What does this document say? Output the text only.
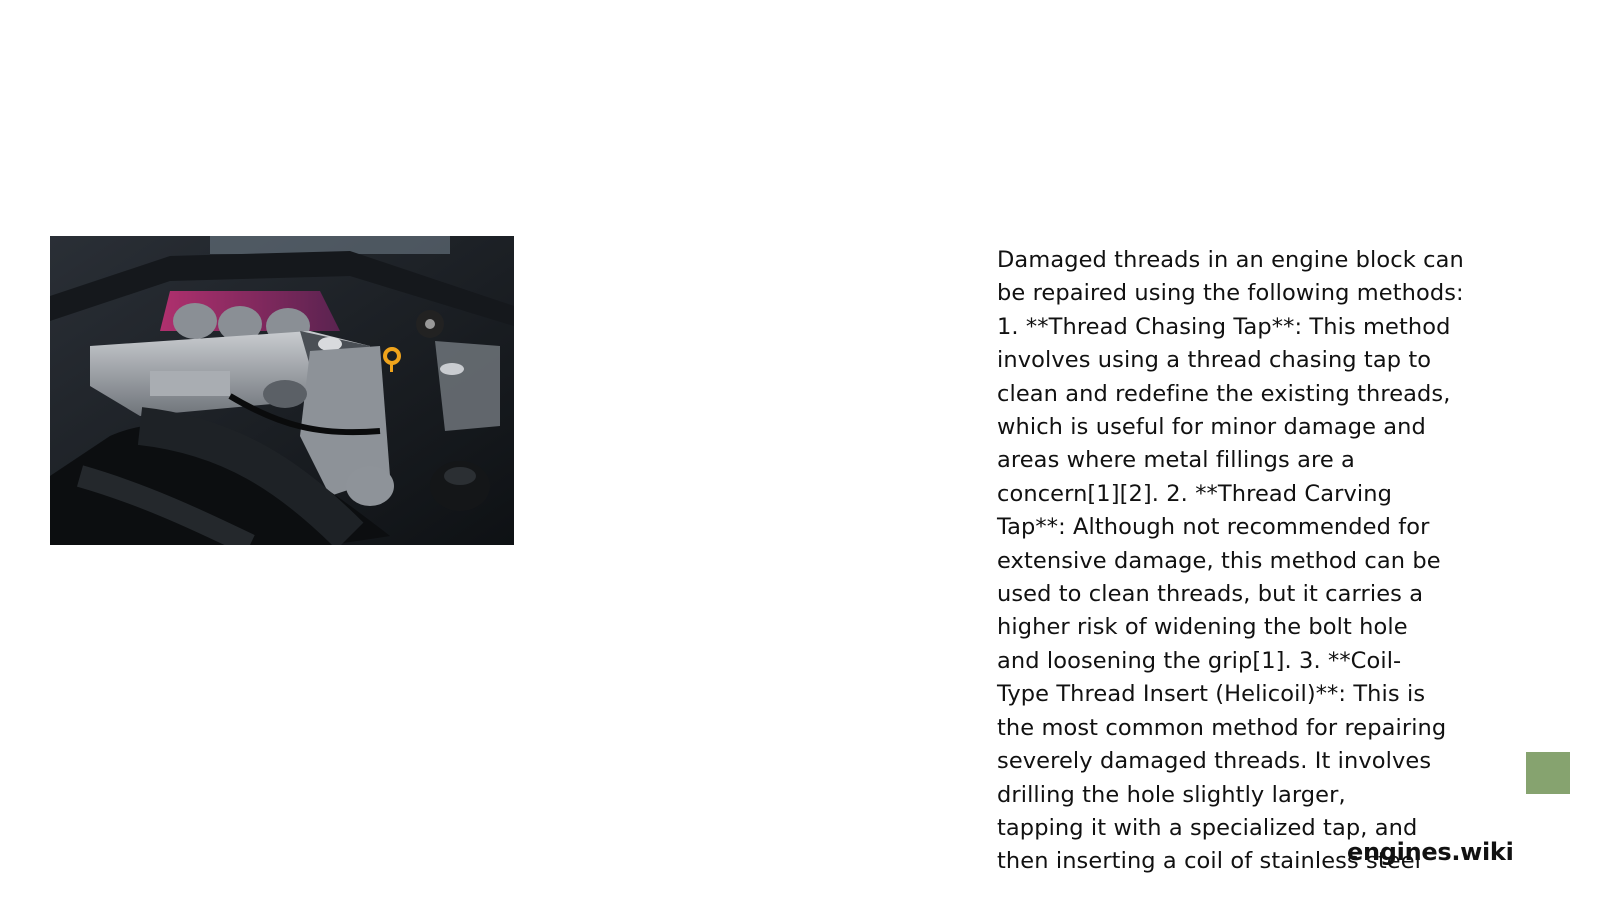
Damaged threads in an engine block can
be repaired using the following methods:
1. **Thread Chasing Tap**: This method
involves using a thread chasing tap to
clean and redefine the existing threads,
which is useful for minor damage and
areas where metal fillings are a
concern[1][2]. 2. **Thread Carving
Tap**: Although not recommended for
extensive damage, this method can be
used to clean threads, but it carries a
higher risk of widening the bolt hole
and loosening the grip[1]. 3. **Coil-
Type Thread Insert (Helicoil)**: This is
the most common method for repairing
severely damaged threads. It involves
drilling the hole slightly larger,
tapping it with a specialized tap, and
then inserting a coil of stainless steel
engines.wiki
